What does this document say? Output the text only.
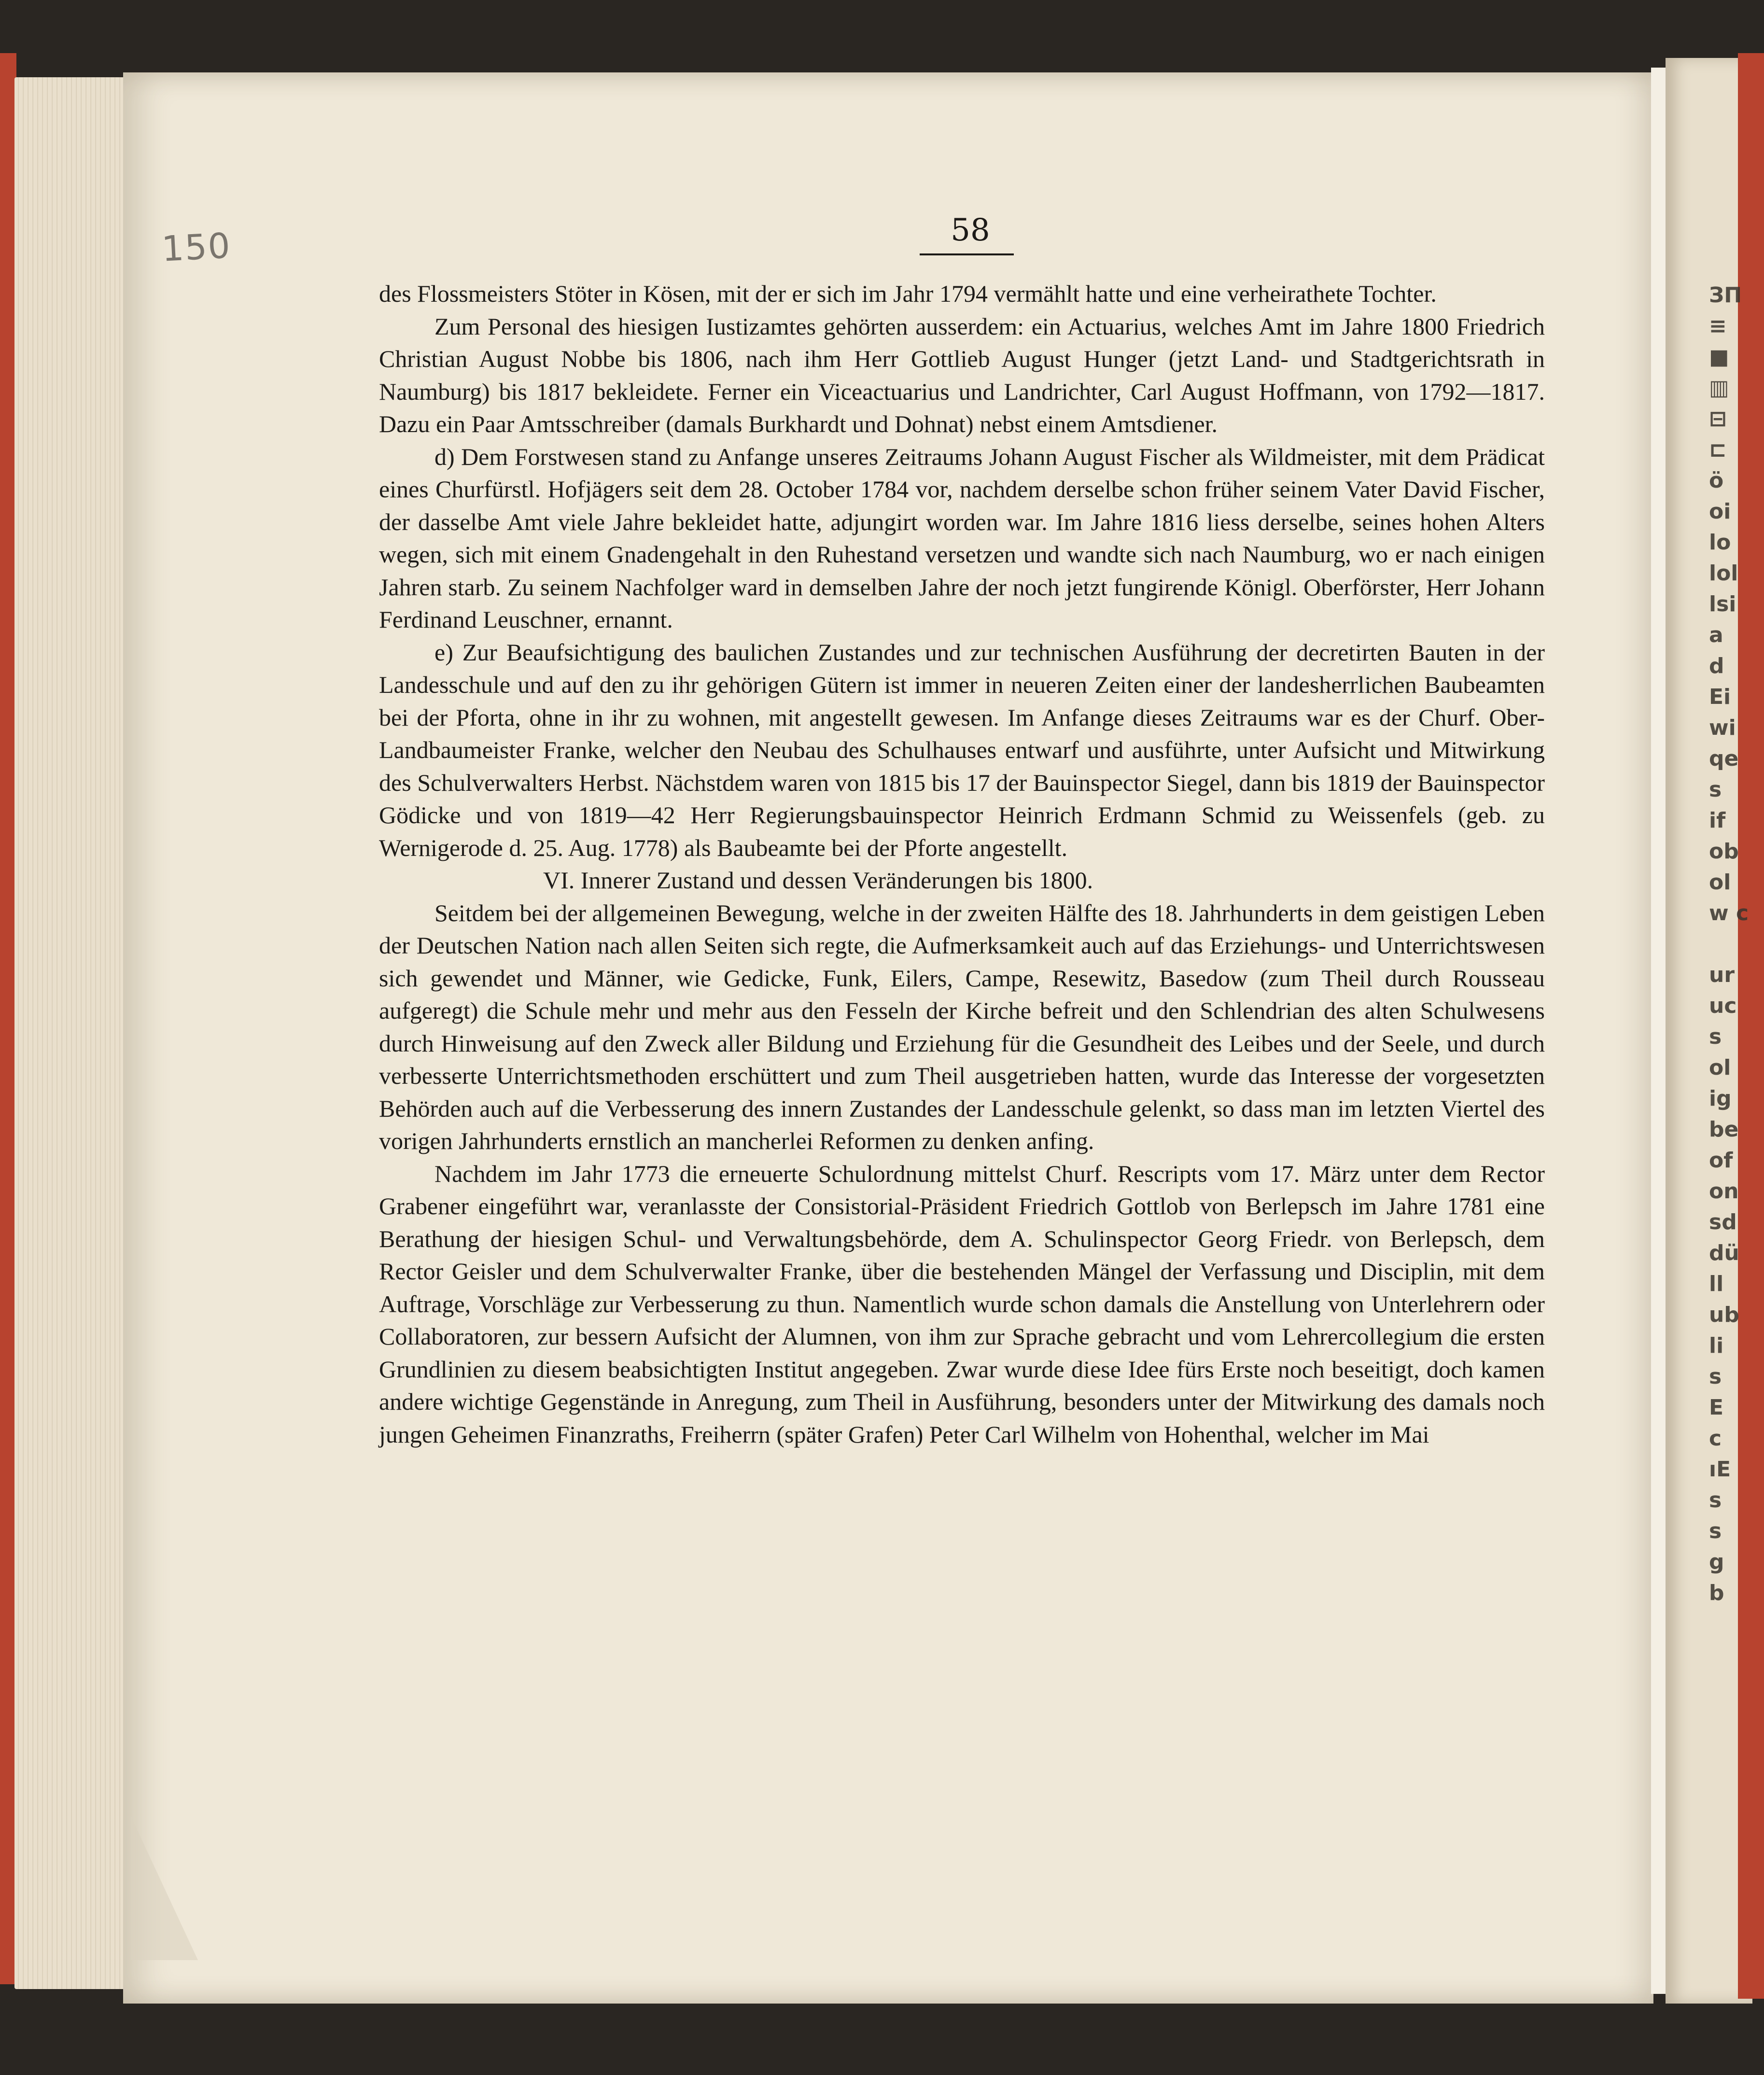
150	58

des Flossmeisters Stöter in Kösen, mit der er sich im Jahr 1794 vermählt hatte und eine verheirathete Tochter.

Zum Personal des hiesigen Iustizamtes gehörten ausserdem: ein Actuarius, welches Amt im Jahre 1800 Friedrich Christian August Nobbe bis 1806, nach ihm Herr Gottlieb August Hunger (jetzt Land- und Stadtgerichtsrath in Naumburg) bis 1817 bekleidete. Ferner ein Viceactuarius und Landrichter, Carl August Hoffmann, von 1792—1817. Dazu ein Paar Amtsschreiber (damals Burkhardt und Dohnat) nebst einem Amtsdiener.

d) Dem Forstwesen stand zu Anfange unseres Zeitraums Johann August Fischer als Wildmeister, mit dem Prädicat eines Churfürstl. Hofjägers seit dem 28. October 1784 vor, nachdem derselbe schon früher seinem Vater David Fischer, der dasselbe Amt viele Jahre bekleidet hatte, adjungirt worden war. Im Jahre 1816 liess derselbe, seines hohen Alters wegen, sich mit einem Gnadengehalt in den Ruhestand versetzen und wandte sich nach Naumburg, wo er nach einigen Jahren starb. Zu seinem Nachfolger ward in demselben Jahre der noch jetzt fungirende Königl. Oberförster, Herr Johann Ferdinand Leuschner, ernannt.

e) Zur Beaufsichtigung des baulichen Zustandes und zur technischen Ausführung der decretirten Bauten in der Landesschule und auf den zu ihr gehörigen Gütern ist immer in neueren Zeiten einer der landesherrlichen Baubeamten bei der Pforta, ohne in ihr zu wohnen, mit angestellt gewesen. Im Anfange dieses Zeitraums war es der Churf. Ober-Landbaumeister Franke, welcher den Neubau des Schulhauses entwarf und ausführte, unter Aufsicht und Mitwirkung des Schulverwalters Herbst. Nächstdem waren von 1815 bis 17 der Bauinspector Siegel, dann bis 1819 der Bauinspector Gödicke und von 1819—42 Herr Regierungsbauinspector Heinrich Erdmann Schmid zu Weissenfels (geb. zu Wernigerode d. 25. Aug. 1778) als Baubeamte bei der Pforte angestellt.

VI. Innerer Zustand und dessen Veränderungen bis 1800.

Seitdem bei der allgemeinen Bewegung, welche in der zweiten Hälfte des 18. Jahrhunderts in dem geistigen Leben der Deutschen Nation nach allen Seiten sich regte, die Aufmerksamkeit auch auf das Erziehungs- und Unterrichtswesen sich gewendet und Männer, wie Gedicke, Funk, Eilers, Campe, Resewitz, Basedow (zum Theil durch Rousseau aufgeregt) die Schule mehr und mehr aus den Fesseln der Kirche befreit und den Schlendrian des alten Schulwesens durch Hinweisung auf den Zweck aller Bildung und Erziehung für die Gesundheit des Leibes und der Seele, und durch verbesserte Unterrichtsmethoden erschüttert und zum Theil ausgetrieben hatten, wurde das Interesse der vorgesetzten Behörden auch auf die Verbesserung des innern Zustandes der Landesschule gelenkt, so dass man im letzten Viertel des vorigen Jahrhunderts ernstlich an mancherlei Reformen zu denken anfing.

Nachdem im Jahr 1773 die erneuerte Schulordnung mittelst Churf. Rescripts vom 17. März unter dem Rector Grabener eingeführt war, veranlasste der Consistorial-Präsident Friedrich Gottlob von Berlepsch im Jahre 1781 eine Berathung der hiesigen Schul- und Verwaltungsbehörde, dem A. Schulinspector Georg Friedr. von Berlepsch, dem Rector Geisler und dem Schulverwalter Franke, über die bestehenden Mängel der Verfassung und Disciplin, mit dem Auftrage, Vorschläge zur Verbesserung zu thun. Namentlich wurde schon damals die Anstellung von Unterlehrern oder Collaboratoren, zur bessern Aufsicht der Alumnen, von ihm zur Sprache gebracht und vom Lehrercollegium die ersten Grundlinien zu diesem beabsichtigten Institut angegeben. Zwar wurde diese Idee fürs Erste noch beseitigt, doch kamen andere wichtige Gegenstände in Anregung, zum Theil in Ausführung, besonders unter der Mitwirkung des damals noch jungen Geheimen Finanzraths, Freiherrn (später Grafen) Peter Carl Wilhelm von Hohenthal, welcher im Mai

ЗП
≡
■
▥
⊟
⊏
ö
oi
lo
lol
lsi
a
d
Ei
wi
qe
s
if
ob
ol
w c
ur
uc
s
ol
ig
be
of
on
sd
dü
ll
ub
li
s
E
c
ıE
s
s
g
b
